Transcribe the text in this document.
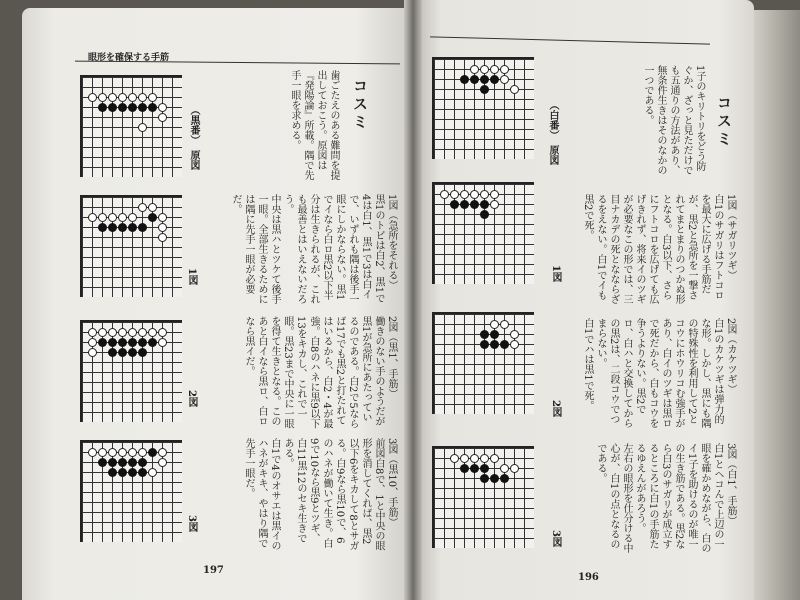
眼形を確保する手筋
コスミ
歯ごたえのある難問を提出しておこう。原図は『発陽論』所載。隅で先手一眼を求める。
（黒番）　原図
1図（急所をそれる）
黒1のトビは白2、黒1で4は白1、黒1で3は白イで、いずれも隅は後手一眼にしかならない。黒1でイなら白ロ黒2以下半分は生きられるが、これも最善とはいえないだろう。
中央は黒ハとツケて後手一眼。全部生きるためには隅に先手一眼が必要だ。
2図（黒1、手筋）
働きのない手のようだが黒1が急所にあたっているのである。白2で5ならば17でも黒2と打たれてはいるから、白2・4が最強。白8のハネに黒9以下13をキカし、これで一眼。黒23まで中央に一眼を得て生きとなる。このあと白イなら黒ロ、白ロなら黒イだ。
3図（黒10、手筋）
前図白8で、1と中央の眼形を消してくれば、黒2以下6をキカして8とサガる。白9なら黒10で、6のハネが働いて生き。白9で10なら黒9とツギ、白11黒12のセキ生きである。
白1で4のオサエは黒イのハネがキキ、やはり隅で先手一眼だ。
1図
2図
3図
197
コスミ
1子のキリトリをどう防ぐか、ざっと見ただけでも五通りの方法があり、無条件生きはそのなかの一つである。
（白番）　原図
1図（サガリツギ）
白1のサガリはフトコロを最大に広げる手筋だが、黒2と急所を一撃されてまとまりのつかぬ形となる。白3以下、さらにフトコロを広げても広げきれず、将来イのツギが必要なこの形では、三目ナカデの死となならざるをえない。白1でイも黒2で死。
2図（カケツギ）
白1のカケツギは弾力的な形。しかし、黒にも隅の特殊性を利用して2とコウにホウリコむ強手があり、白イのツギは黒ロで死だから、白もコウを争うよりない。黒2でロ、白ハと交換してからの黒2は、二段コウでつまらない。
白1でハは黒1で死。
3図（白1、手筋）
白1とヘコんで上辺の一眼を確かめながら、白のイ1子を助けるのが唯一の生き筋である。黒2なら白3のサガリが成立するところに白1の手筋たるゆえんがあろう。
左右の眼形を仕分ける中心が、白1の点となるのである。
1図
2図
3図
196
